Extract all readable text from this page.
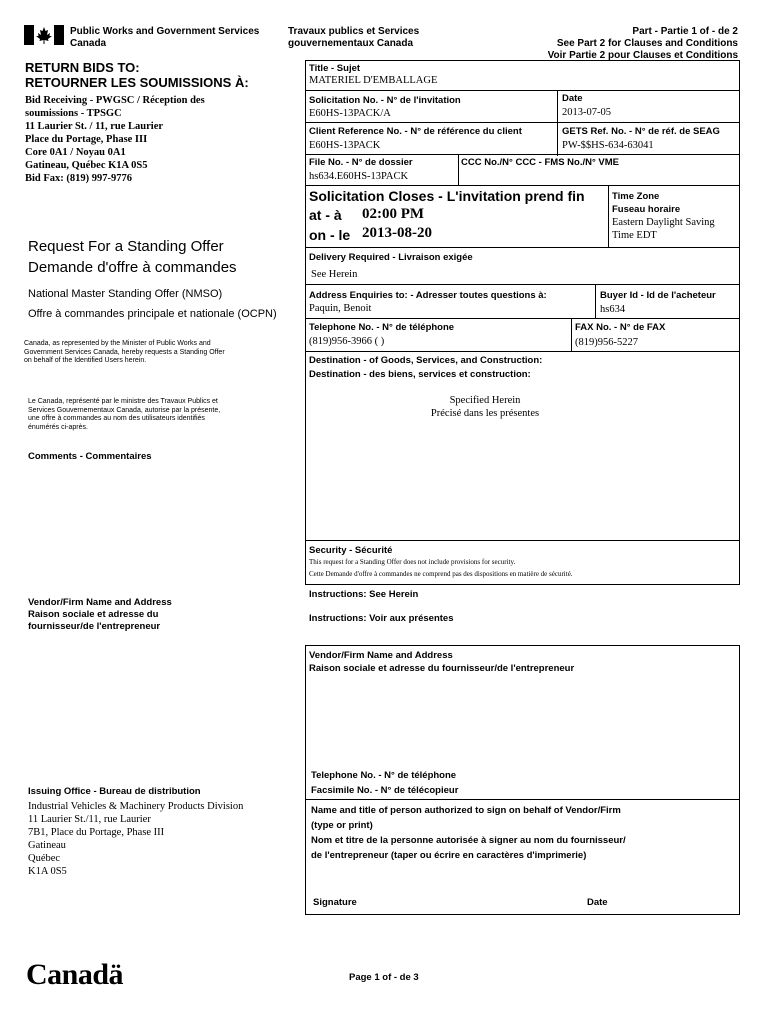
Public Works and Government Services
Canada
Travaux publics et Services
gouvernementaux Canada
Part - Partie 1 of - de 2
See Part 2 for Clauses and Conditions
Voir Partie 2 pour Clauses et Conditions
RETURN BIDS TO:
RETOURNER LES SOUMISSIONS À:
Bid Receiving - PWGSC / Réception des
soumissions - TPSGC
11 Laurier St. / 11, rue Laurier
Place du Portage, Phase III
Core 0A1 / Noyau 0A1
Gatineau, Québec K1A 0S5
Bid Fax: (819) 997-9776
Request For a Standing Offer
Demande d'offre à commandes
National Master Standing Offer (NMSO)
Offre à commandes principale et nationale (OCPN)
Canada, as represented by the Minister of Public Works and
Government Services Canada, hereby requests a Standing Offer
on behalf of the Identified Users herein.
Le Canada, représenté par le ministre des Travaux Publics et
Services Gouvernementaux Canada, autorise par la présente,
une offre à commandes au nom des utilisateurs identifiés
énumérés ci-après.
Comments - Commentaires
Vendor/Firm Name and Address
Raison sociale et adresse du
fournisseur/de l'entrepreneur
Issuing Office - Bureau de distribution
Industrial Vehicles & Machinery Products Division
11 Laurier St./11, rue Laurier
7B1, Place du Portage, Phase III
Gatineau
Québec
K1A 0S5
Title - Sujet
MATERIEL D'EMBALLAGE
Solicitation No. - N° de l'invitation
E60HS-13PACK/A
Date
2013-07-05
Client Reference No. - N° de référence du client
E60HS-13PACK
GETS Ref. No. - N° de réf. de SEAG
PW-$$HS-634-63041
File No. - N° de dossier
hs634.E60HS-13PACK
CCC No./N° CCC - FMS No./N° VME
Solicitation Closes - L'invitation prend fin
at - à 02:00 PM
on - le 2013-08-20
Time Zone
Fuseau horaire
Eastern Daylight Saving
Time EDT
Delivery Required - Livraison exigée
See Herein
Address Enquiries to: - Adresser toutes questions à:
Paquin, Benoit
Buyer Id - Id de l'acheteur
hs634
Telephone No. - N° de téléphone
(819)956-3966 ( )
FAX No. - N° de FAX
(819)956-5227
Destination - of Goods, Services, and Construction:
Destination - des biens, services et construction:
Specified Herein
Précisé dans les présentes
Security - Sécurité
This request for a Standing Offer does not include provisions for security.
Cette Demande d'offre à commandes ne comprend pas des dispositions en matière de sécurité.
Instructions: See Herein
Instructions: Voir aux présentes
Vendor/Firm Name and Address
Raison sociale et adresse du fournisseur/de l'entrepreneur
Telephone No. - N° de téléphone
Facsimile No. - N° de télécopieur
Name and title of person authorized to sign on behalf of Vendor/Firm
(type or print)
Nom et titre de la personne autorisée à signer au nom du fournisseur/
de l'entrepreneur (taper ou écrire en caractères d'imprimerie)
Signature	Date
Canadä	Page 1 of - de 3
